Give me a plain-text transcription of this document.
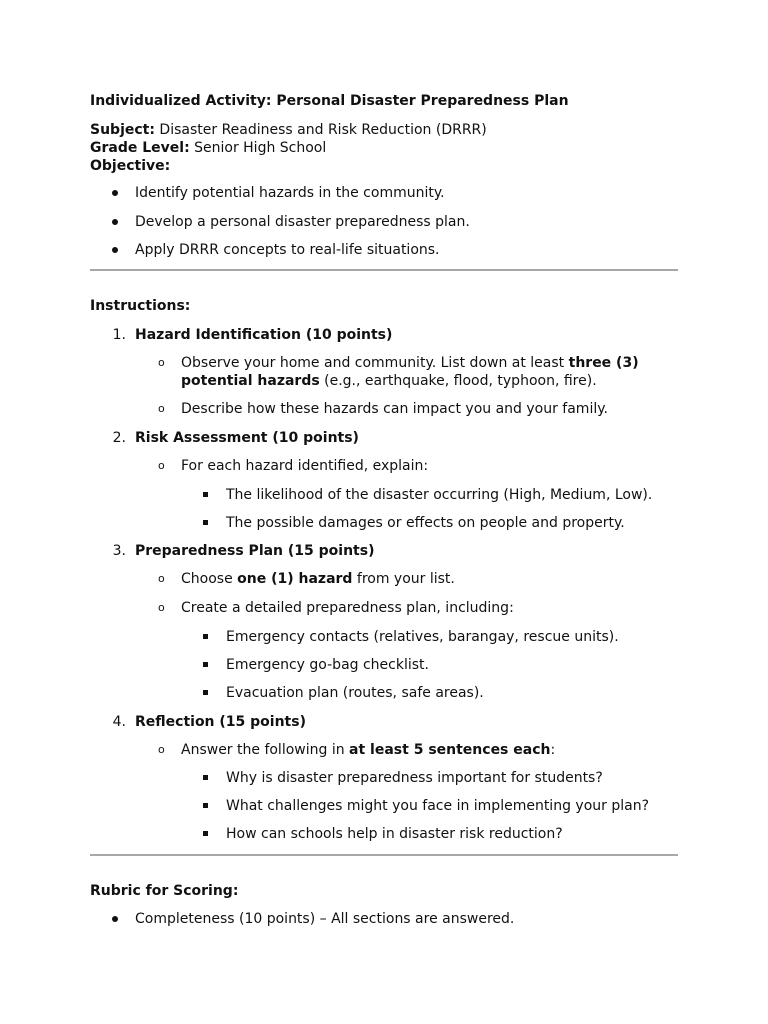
Individualized Activity: Personal Disaster Preparedness Plan
Subject: Disaster Readiness and Risk Reduction (DRRR)
Grade Level: Senior High School
Objective:
Identify potential hazards in the community.
Develop a personal disaster preparedness plan.
Apply DRRR concepts to real-life situations.
Instructions:
1. Hazard Identification (10 points)
o Observe your home and community. List down at least three (3)
potential hazards (e.g., earthquake, flood, typhoon, fire).
o Describe how these hazards can impact you and your family.
2. Risk Assessment (10 points)
o For each hazard identified, explain:
The likelihood of the disaster occurring (High, Medium, Low).
The possible damages or effects on people and property.
3. Preparedness Plan (15 points)
o Choose one (1) hazard from your list.
o Create a detailed preparedness plan, including:
Emergency contacts (relatives, barangay, rescue units).
Emergency go-bag checklist.
Evacuation plan (routes, safe areas).
4. Reflection (15 points)
o Answer the following in at least 5 sentences each:
Why is disaster preparedness important for students?
What challenges might you face in implementing your plan?
How can schools help in disaster risk reduction?
Rubric for Scoring:
Completeness (10 points) – All sections are answered.
